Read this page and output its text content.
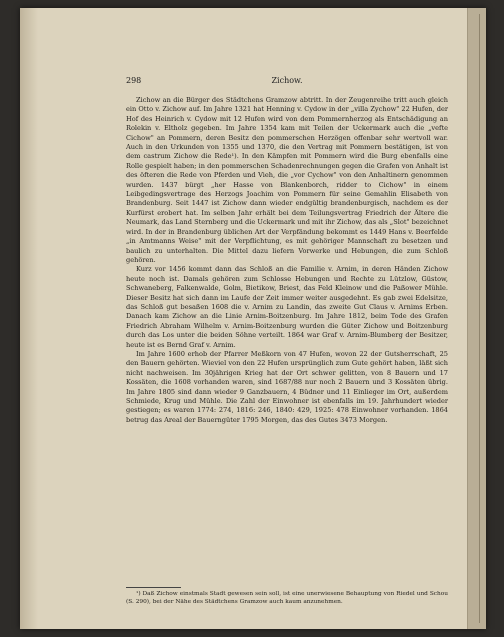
298	Zichow.

Zichow an die Bürger des Städtchens Gramzow abtritt. In der Zeugenreihe tritt auch gleich ein Otto v. Zichow auf. Im Jahre 1321 hat Henning v. Cydow in der „villa Zychow" 22 Hufen, der Hof des Heinrich v. Cydow mit 12 Hufen wird von dem Pommernherzog als Entschädigung an Rolekin v. Eltholz gegeben. Im Jahre 1354 kam mit Teilen der Uckermark auch die „vefte Cichow" an Pommern, deren Besitz den pommerschen Herzögen offenbar sehr wertvoll war. Auch in den Urkunden von 1355 und 1370, die den Vertrag mit Pommern bestätigen, ist von dem castrum Zichow die Rede¹). In den Kämpfen mit Pommern wird die Burg ebenfalls eine Rolle gespielt haben; in den pommerschen Schadenrechnungen gegen die Grafen von Anhalt ist des öfteren die Rede von Pferden und Vieh, die „vor Cychow" von den Anhaltinern genommen wurden. 1437 bürgt „her Hasse von Blankenborch, ridder to Cichow" in einem Leibgedingsvertrage des Herzogs Joachim von Pommern für seine Gemahlin Elisabeth von Brandenburg. Seit 1447 ist Zichow dann wieder endgültig brandenburgisch, nachdem es der Kurfürst erobert hat. Im selben Jahr erhält bei dem Teilungsvertrag Friedrich der Ältere die Neumark, das Land Sternberg und die Uckermark und mit ihr Zichow, das als „Slot" bezeichnet wird. In der in Brandenburg üblichen Art der Verpfändung bekommt es 1449 Hans v. Beerfelde „in Amtmanns Weise" mit der Verpflichtung, es mit gehöriger Mannschaft zu besetzen und baulich zu unterhalten. Die Mittel dazu liefern Vorwerke und Hebungen, die zum Schloß gehören.

Kurz vor 1456 kommt dann das Schloß an die Familie v. Arnim, in deren Händen Zichow heute noch ist. Damals gehören zum Schlosse Hebungen und Rechte zu Lützlow, Güstow, Schwaneberg, Falkenwalde, Golm, Bietikow, Briest, das Feld Kleinow und die Paßower Mühle. Dieser Besitz hat sich dann im Laufe der Zeit immer weiter ausgedehnt. Es gab zwei Edelsitze, das Schloß gut besaßen 1608 die v. Arnim zu Landin, das zweite Gut Claus v. Arnims Erben. Danach kam Zichow an die Linie Arnim-Boitzenburg. Im Jahre 1812, beim Tode des Grafen Friedrich Abraham Wilhelm v. Arnim-Boitzenburg wurden die Güter Zichow und Boitzenburg durch das Los unter die beiden Söhne verteilt. 1864 war Graf v. Arnim-Blumberg der Besitzer, heute ist es Bernd Graf v. Arnim.

Im Jahre 1600 erhob der Pfarrer Meßkorn von 47 Hufen, wovon 22 der Gutsherrschaft, 25 den Bauern gehörten. Wieviel von den 22 Hufen ursprünglich zum Gute gehört haben, läßt sich nicht nachweisen. Im 30jährigen Krieg hat der Ort schwer gelitten, von 8 Bauern und 17 Kossäten, die 1608 vorhanden waren, sind 1687/88 nur noch 2 Bauern und 3 Kossäten übrig. Im Jahre 1805 sind dann wieder 9 Ganzbauern, 4 Büdner und 11 Einlieger im Ort, außerdem Schmiede, Krug und Mühle. Die Zahl der Einwohner ist ebenfalls im 19. Jahrhundert wieder gestiegen; es waren 1774: 274, 1816: 246, 1840: 429, 1925: 478 Einwohner vorhanden. 1864 betrug das Areal der Bauerngüter 1795 Morgen, das des Gutes 3473 Morgen.

¹) Daß Zichow einstmals Stadt gewesen sein soll, ist eine unerwiesene Behauptung von Riedel und Schou (S. 290), bei der Nähe des Städtchens Gramzow auch kaum anzunehmen.
